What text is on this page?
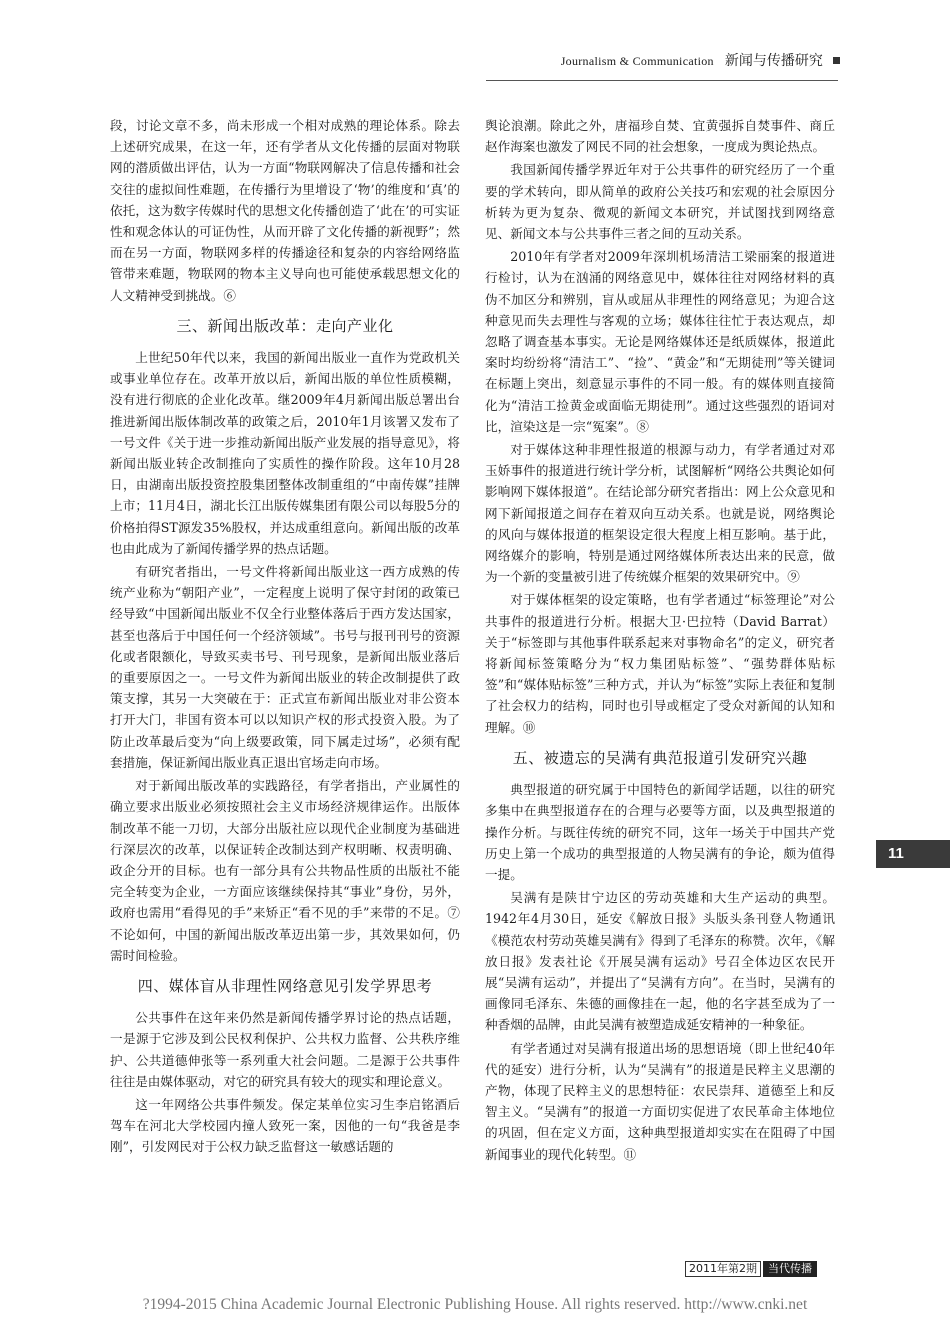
Journalism & Communication 新闻与传播研究

段，讨论文章不多，尚未形成一个相对成熟的理论体系。除去上述研究成果，在这一年，还有学者从文化传播的层面对物联网的潜质做出评估，认为一方面“物联网解决了信息传播和社会交往的虚拟间性难题，在传播行为里增设了‘物’的维度和‘真’的依托，这为数字传媒时代的思想文化传播创造了‘此在’的可实证性和观念体认的可证伪性，从而开辟了文化传播的新视野”；然而在另一方面，物联网多样的传播途径和复杂的内容给网络监管带来难题，物联网的物本主义导向也可能使承载思想文化的人文精神受到挑战。⑥

三、新闻出版改革：走向产业化

上世纪50年代以来，我国的新闻出版业一直作为党政机关或事业单位存在。改革开放以后，新闻出版的单位性质模糊，没有进行彻底的企业化改革。继2009年4月新闻出版总署出台推进新闻出版体制改革的政策之后，2010年1月该署又发布了一号文件《关于进一步推动新闻出版产业发展的指导意见》，将新闻出版业转企改制推向了实质性的操作阶段。这年10月28日，由湖南出版投资控股集团整体改制重组的“中南传媒”挂牌上市；11月4日，湖北长江出版传媒集团有限公司以每股5分的价格拍得ST源发35%股权，并达成重组意向。新闻出版的改革也由此成为了新闻传播学界的热点话题。

有研究者指出，一号文件将新闻出版业这一西方成熟的传统产业称为“朝阳产业”，一定程度上说明了保守封闭的政策已经导致“中国新闻出版业不仅全行业整体落后于西方发达国家，甚至也落后于中国任何一个经济领域”。书号与报刊刊号的资源化或者限额化，导致买卖书号、刊号现象，是新闻出版业落后的重要原因之一。一号文件为新闻出版业的转企改制提供了政策支撑，其另一大突破在于：正式宣布新闻出版业对非公资本打开大门，非国有资本可以以知识产权的形式投资入股。为了防止改革最后变为“向上级要政策，同下属走过场”，必须有配套措施，保证新闻出版业真正退出官场走向市场。

对于新闻出版改革的实践路径，有学者指出，产业属性的确立要求出版业必须按照社会主义市场经济规律运作。出版体制改革不能一刀切，大部分出版社应以现代企业制度为基础进行深层次的改革，以保证转企改制达到产权明晰、权责明确、政企分开的目标。也有一部分具有公共物品性质的出版社不能完全转变为企业，一方面应该继续保持其“事业”身份，另外，政府也需用“看得见的手”来矫正“看不见的手”来带的不足。⑦不论如何，中国的新闻出版改革迈出第一步，其效果如何，仍需时间检验。

四、媒体盲从非理性网络意见引发学界思考

公共事件在这年来仍然是新闻传播学界讨论的热点话题，一是源于它涉及到公民权利保护、公共权力监督、公共秩序维护、公共道德伸张等一系列重大社会问题。二是源于公共事件往往是由媒体驱动，对它的研究具有较大的现实和理论意义。

这一年网络公共事件频发。保定某单位实习生李启铭酒后驾车在河北大学校园内撞人致死一案，因他的一句“我爸是李刚”，引发网民对于公权力缺乏监督这一敏感话题的

舆论浪潮。除此之外，唐福珍自焚、宜黄强拆自焚事件、商丘赵作海案也激发了网民不同的社会想象，一度成为舆论热点。

我国新闻传播学界近年对于公共事件的研究经历了一个重要的学术转向，即从简单的政府公关技巧和宏观的社会原因分析转为更为复杂、微观的新闻文本研究，并试图找到网络意见、新闻文本与公共事件三者之间的互动关系。

2010年有学者对2009年深圳机场清洁工梁丽案的报道进行检讨，认为在汹涌的网络意见中，媒体往往对网络材料的真伪不加区分和辨别，盲从或屈从非理性的网络意见；为迎合这种意见而失去理性与客观的立场；媒体往往忙于表达观点，却忽略了调查基本事实。无论是网络媒体还是纸质媒体，报道此案时均纷纷将“清洁工”、“捡”、“黄金”和“无期徒刑”等关键词在标题上突出，刻意显示事件的不同一般。有的媒体则直接简化为“清洁工捡黄金或面临无期徒刑”。通过这些强烈的语词对比，渲染这是一宗“冤案”。⑧

对于媒体这种非理性报道的根源与动力，有学者通过对邓玉娇事件的报道进行统计学分析，试图解析“网络公共舆论如何影响网下媒体报道”。在结论部分研究者指出：网上公众意见和网下新闻报道之间存在着双向互动关系。也就是说，网络舆论的风向与媒体报道的框架设定很大程度上相互影响。基于此，网络媒介的影响，特别是通过网络媒体所表达出来的民意，做为一个新的变量被引进了传统媒介框架的效果研究中。⑨

对于媒体框架的设定策略，也有学者通过“标签理论”对公共事件的报道进行分析。根据大卫·巴拉特（David Barrat）关于“标签即与其他事件联系起来对事物命名”的定义，研究者将新闻标签策略分为“权力集团贴标签”、“强势群体贴标签”和“媒体贴标签”三种方式，并认为“标签”实际上表征和复制了社会权力的结构，同时也引导或框定了受众对新闻的认知和理解。⑩

五、被遗忘的吴满有典范报道引发研究兴趣

典型报道的研究属于中国特色的新闻学话题，以往的研究多集中在典型报道存在的合理与必要等方面，以及典型报道的操作分析。与既往传统的研究不同，这年一场关于中国共产党历史上第一个成功的典型报道的人物吴满有的争论，颇为值得一提。

吴满有是陕甘宁边区的劳动英雄和大生产运动的典型。1942年4月30日，延安《解放日报》头版头条刊登人物通讯《模范农村劳动英雄吴满有》得到了毛泽东的称赞。次年，《解放日报》发表社论《开展吴满有运动》号召全体边区农民开展“吴满有运动”，并提出了“吴满有方向”。在当时，吴满有的画像同毛泽东、朱德的画像挂在一起，他的名字甚至成为了一种香烟的品牌，由此吴满有被塑造成延安精神的一种象征。

有学者通过对吴满有报道出场的思想语境（即上世纪40年代的延安）进行分析，认为“吴满有”的报道是民粹主义思潮的产物，体现了民粹主义的思想特征：农民崇拜、道德至上和反智主义。“吴满有”的报道一方面切实促进了农民革命主体地位的巩固，但在定义方面，这种典型报道却实实在在阻碍了中国新闻事业的现代化转型。⑪

11
2011年第2期 当代传播
?1994-2015 China Academic Journal Electronic Publishing House. All rights reserved. http://www.cnki.net
